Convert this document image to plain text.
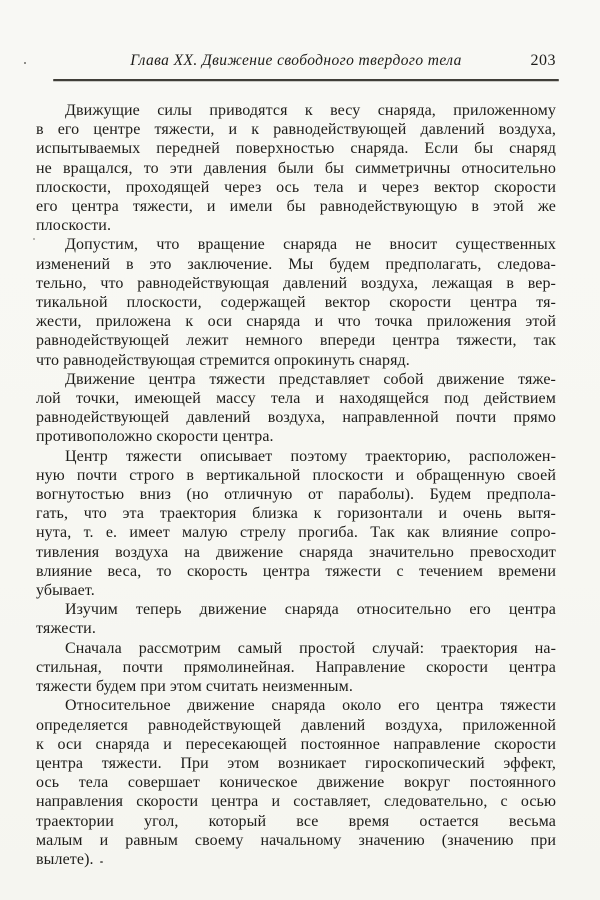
Глава XX. Движение свободного твердого тела	203
Движущие силы приводятся к весу снаряда, приложенному
в его центре тяжести, и к равнодействующей давлений воздуха,
испытываемых передней поверхностью снаряда. Если бы снаряд
не вращался, то эти давления были бы симметричны относительно
плоскости, проходящей через ось тела и через вектор скорости
его центра тяжести, и имели бы равнодействующую в этой же
плоскости.
Допустим, что вращение снаряда не вносит существенных
изменений в это заключение. Мы будем предполагать, следова-
тельно, что равнодействующая давлений воздуха, лежащая в вер-
тикальной плоскости, содержащей вектор скорости центра тя-
жести, приложена к оси снаряда и что точка приложения этой
равнодействующей лежит немного впереди центра тяжести, так
что равнодействующая стремится опрокинуть снаряд.
Движение центра тяжести представляет собой движение тяже-
лой точки, имеющей массу тела и находящейся под действием
равнодействующей давлений воздуха, направленной почти прямо
противоположно скорости центра.
Центр тяжести описывает поэтому траекторию, расположен-
ную почти строго в вертикальной плоскости и обращенную своей
вогнутостью вниз (но отличную от параболы). Будем предпола-
гать, что эта траектория близка к горизонтали и очень вытя-
нута, т. е. имеет малую стрелу прогиба. Так как влияние сопро-
тивления воздуха на движение снаряда значительно превосходит
влияние веса, то скорость центра тяжести с течением времени
убывает.
Изучим теперь движение снаряда относительно его центра
тяжести.
Сначала рассмотрим самый простой случай: траектория на-
стильная, почти прямолинейная. Направление скорости центра
тяжести будем при этом считать неизменным.
Относительное движение снаряда около его центра тяжести
определяется равнодействующей давлений воздуха, приложенной
к оси снаряда и пересекающей постоянное направление скорости
центра тяжести. При этом возникает гироскопический эффект,
ось тела совершает коническое движение вокруг постоянного
направления скорости центра и составляет, следовательно, с осью
траектории угол, который все время остается весьма
малым и равным своему начальному значению (значению при
вылете).
